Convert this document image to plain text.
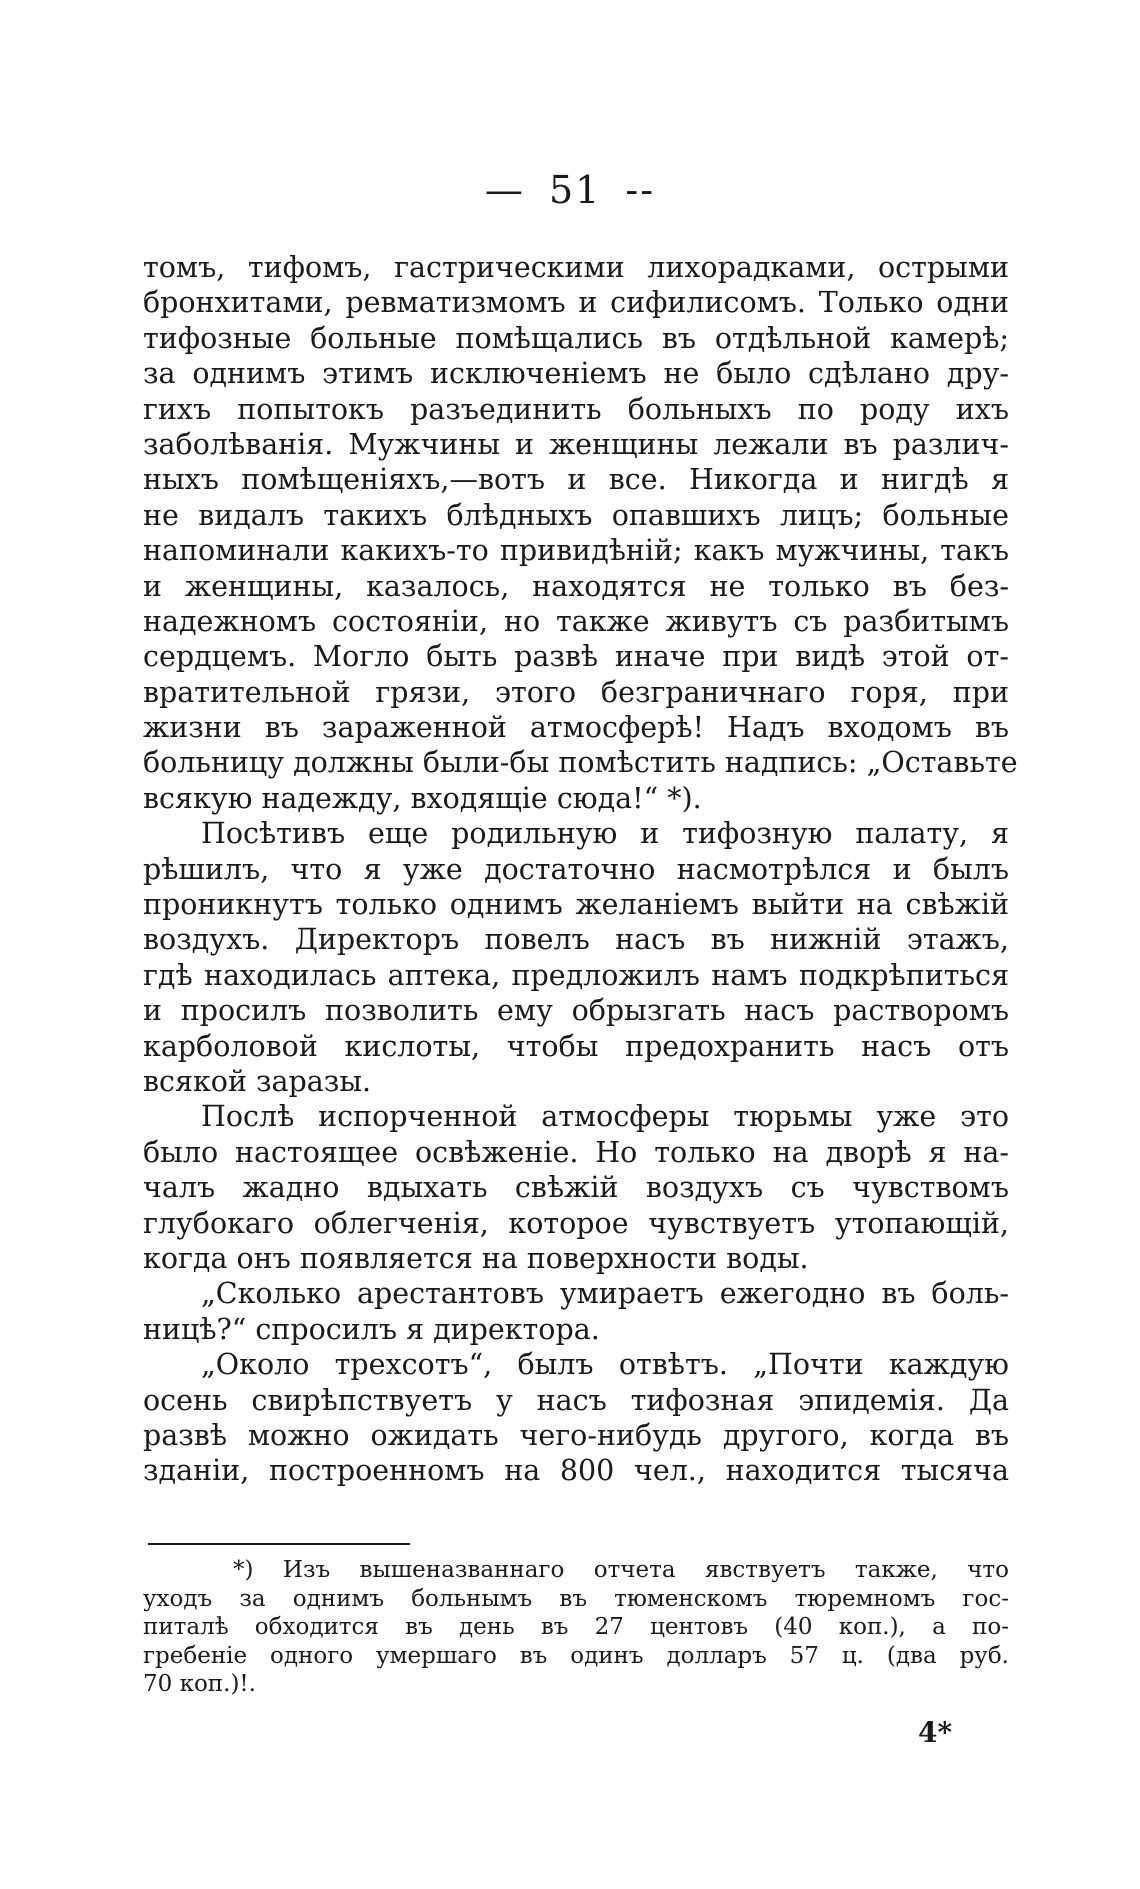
— 51 --
томъ, тифомъ, гастрическими лихорадками, острыми
бронхитами, ревматизмомъ и сифилисомъ. Только одни
тифозные больные помѣщались въ отдѣльной камерѣ;
за однимъ этимъ исключеніемъ не было сдѣлано дру-
гихъ попытокъ разъединить больныхъ по роду ихъ
заболѣванія. Мужчины и женщины лежали въ различ-
ныхъ помѣщеніяхъ,—вотъ и все. Никогда и нигдѣ я
не видалъ такихъ блѣдныхъ опавшихъ лицъ; больные
напоминали какихъ-то привидѣній; какъ мужчины, такъ
и женщины, казалось, находятся не только въ без-
надежномъ состояніи, но также живутъ съ разбитымъ
сердцемъ. Могло быть развѣ иначе при видѣ этой от-
вратительной грязи, этого безграничнаго горя, при
жизни въ зараженной атмосферѣ! Надъ входомъ въ
больницу должны были-бы помѣстить надпись: „Оставьте
всякую надежду, входящіе сюда!“ *).
Посѣтивъ еще родильную и тифозную палату, я
рѣшилъ, что я уже достаточно насмотрѣлся и былъ
проникнутъ только однимъ желаніемъ выйти на свѣжій
воздухъ. Директоръ повелъ насъ въ нижній этажъ,
гдѣ находилась аптека, предложилъ намъ подкрѣпиться
и просилъ позволить ему обрызгать насъ растворомъ
карболовой кислоты, чтобы предохранить насъ отъ
всякой заразы.
Послѣ испорченной атмосферы тюрьмы уже это
было настоящее освѣженіе. Но только на дворѣ я на-
чалъ жадно вдыхать свѣжій воздухъ съ чувствомъ
глубокаго облегченія, которое чувствуетъ утопающій,
когда онъ появляется на поверхности воды.
„Сколько арестантовъ умираетъ ежегодно въ боль-
ницѣ?“ спросилъ я директора.
„Около трехсотъ“, былъ отвѣтъ. „Почти каждую
осень свирѣпствуетъ у насъ тифозная эпидемія. Да
развѣ можно ожидать чего-нибудь другого, когда въ
зданіи, построенномъ на 800 чел., находится тысяча
*) Изъ вышеназваннаго отчета явствуетъ также, что
уходъ за однимъ больнымъ въ тюменскомъ тюремномъ гос-
питалѣ обходится въ день въ 27 центовъ (40 коп.), а по-
гребеніе одного умершаго въ одинъ долларъ 57 ц. (два руб.
70 коп.)!.
4*
